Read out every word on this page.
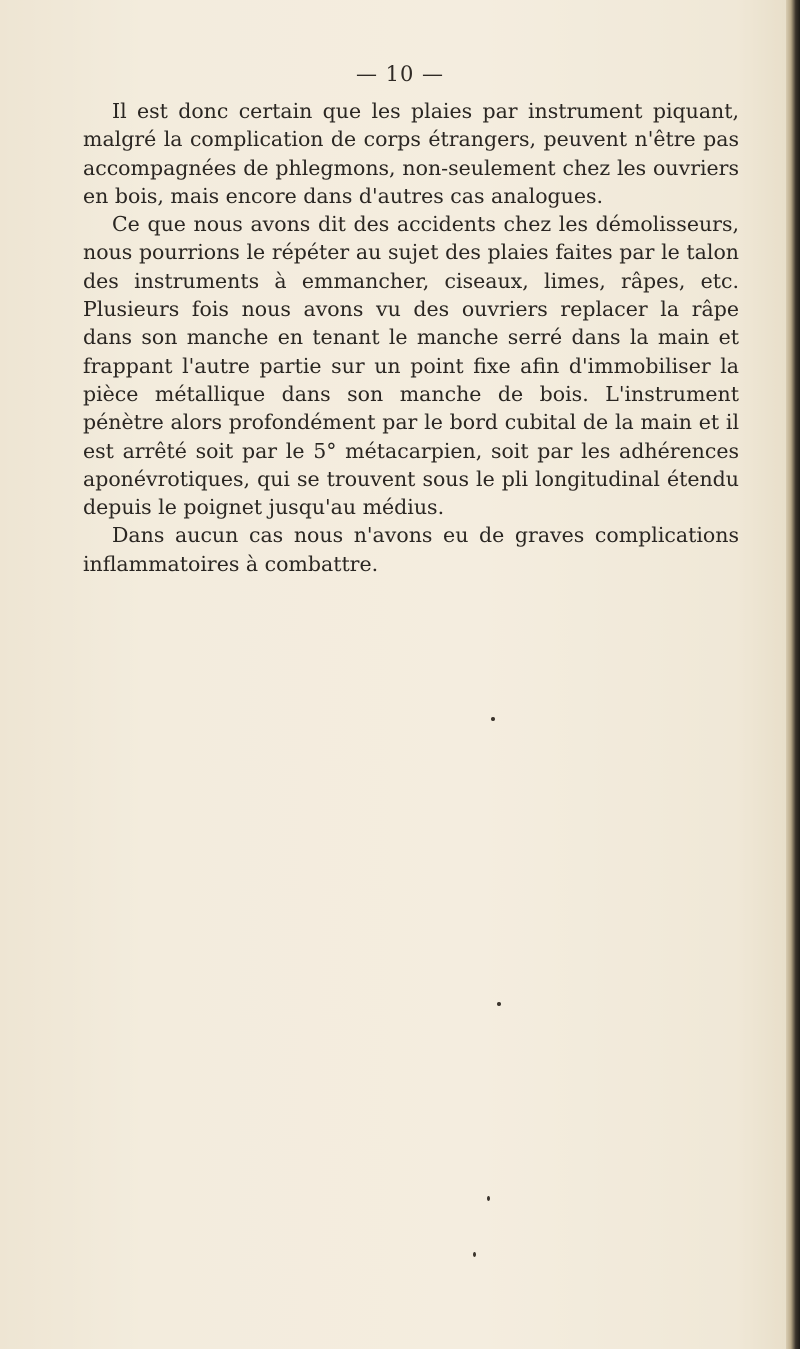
— 10 —

Il est donc certain que les plaies par instrument piquant, malgré la complication de corps étrangers, peuvent n'être pas accompagnées de phlegmons, non-seulement chez les ouvriers en bois, mais encore dans d'autres cas analogues.

Ce que nous avons dit des accidents chez les démolisseurs, nous pourrions le répéter au sujet des plaies faites par le talon des instruments à emmancher, ciseaux, limes, râpes, etc. Plusieurs fois nous avons vu des ouvriers replacer la râpe dans son manche en tenant le manche serré dans la main et frappant l'autre partie sur un point fixe afin d'immobiliser la pièce métallique dans son manche de bois. L'instrument pénètre alors profondément par le bord cubital de la main et il est arrêté soit par le 5° métacarpien, soit par les adhérences aponévrotiques, qui se trouvent sous le pli longitudinal étendu depuis le poignet jusqu'au médius.

Dans aucun cas nous n'avons eu de graves complications inflammatoires à combattre.
